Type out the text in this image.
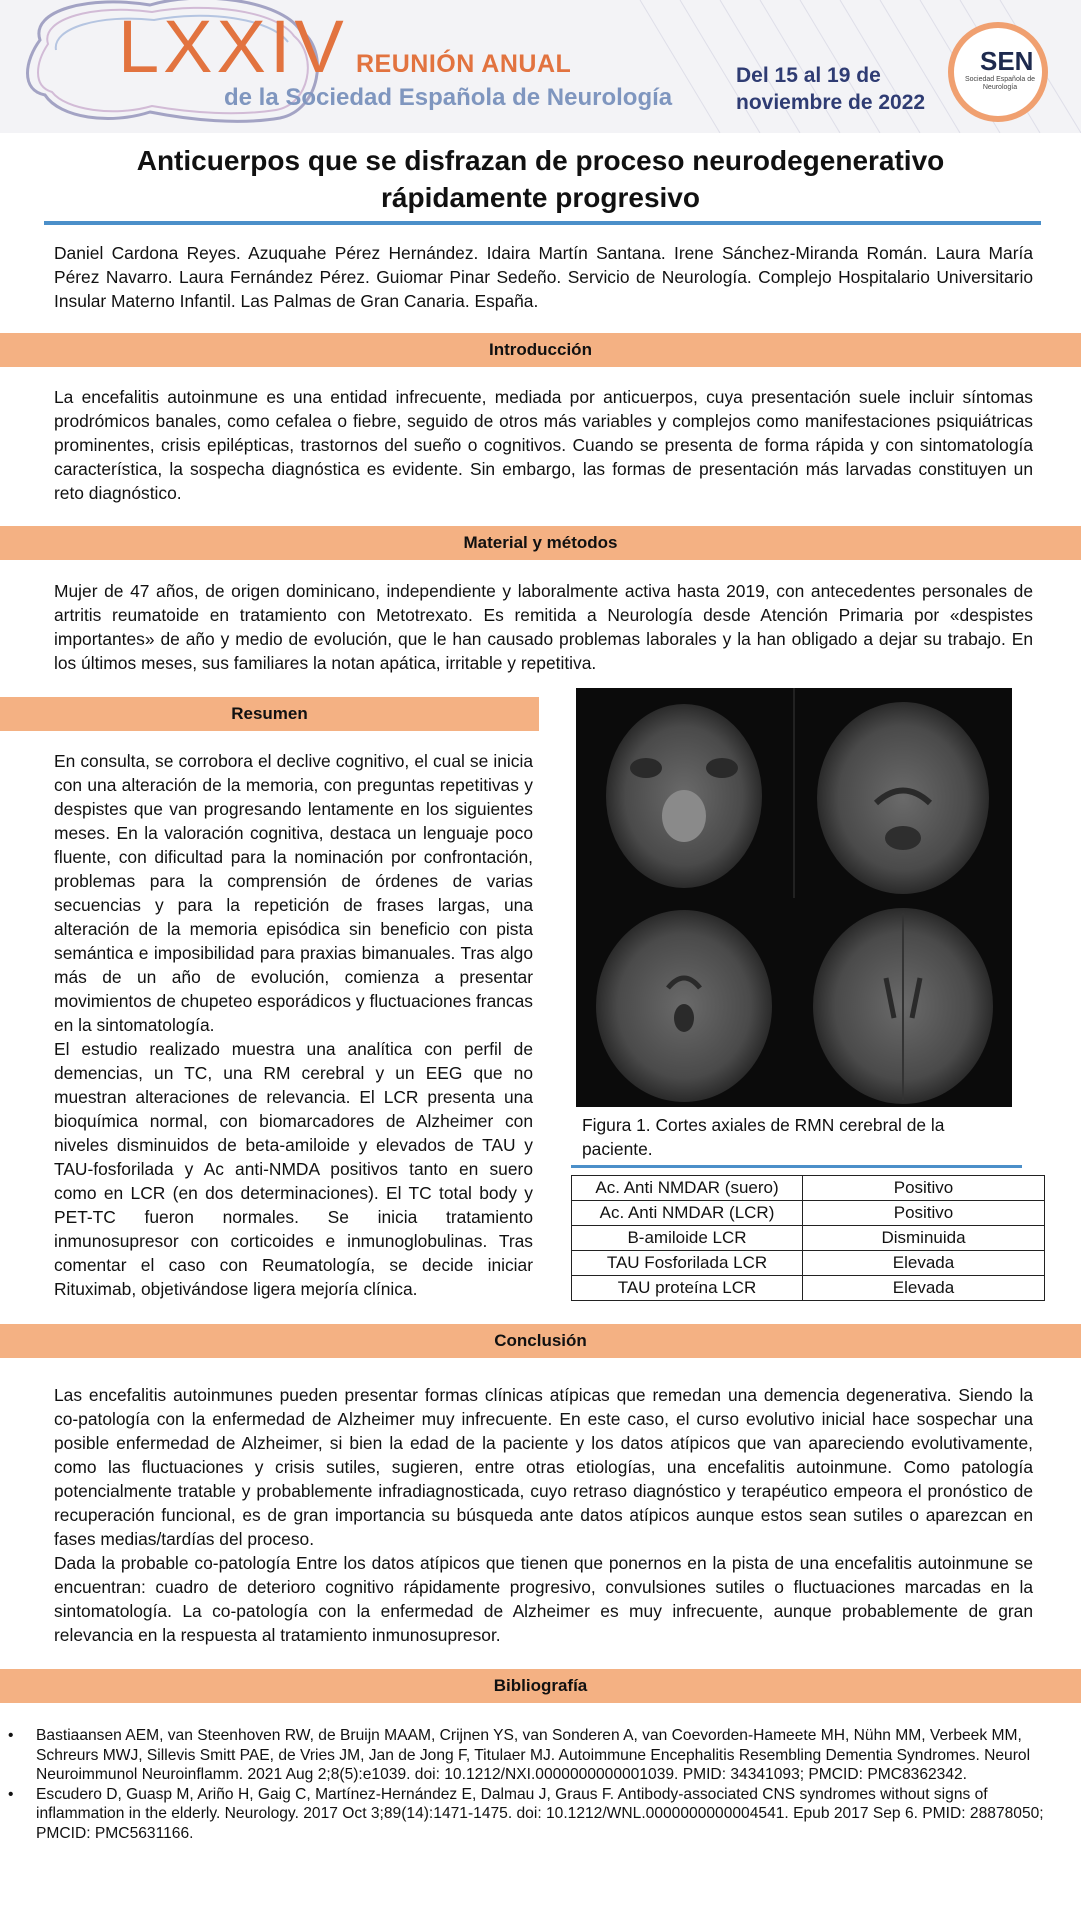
LXXIV REUNIÓN ANUAL
de la Sociedad Española de Neurología
Del 15 al 19 de noviembre de 2022
SEN
Sociedad Española de Neurología
Anticuerpos que se disfrazan de proceso neurodegenerativo rápidamente progresivo
Daniel Cardona Reyes. Azuquahe Pérez Hernández. Idaira Martín Santana. Irene Sánchez-Miranda Román. Laura María Pérez Navarro. Laura Fernández Pérez. Guiomar Pinar Sedeño. Servicio de Neurología. Complejo Hospitalario Universitario Insular Materno Infantil. Las Palmas de Gran Canaria. España.
Introducción
La encefalitis autoinmune es una entidad infrecuente, mediada por anticuerpos, cuya presentación suele incluir síntomas prodrómicos banales, como cefalea o fiebre, seguido de otros más variables y complejos como manifestaciones psiquiátricas prominentes, crisis epilépticas, trastornos del sueño o cognitivos. Cuando se presenta de forma rápida y con sintomatología característica, la sospecha diagnóstica es evidente. Sin embargo, las formas de presentación más larvadas constituyen un reto diagnóstico.
Material y métodos
Mujer de 47 años, de origen dominicano, independiente y laboralmente activa hasta 2019, con antecedentes personales de artritis reumatoide en tratamiento con Metotrexato. Es remitida a Neurología desde Atención Primaria por «despistes importantes» de año y medio de evolución, que le han causado problemas laborales y la han obligado a dejar su trabajo. En los últimos meses, sus familiares la notan apática, irritable y repetitiva.
Resumen
En consulta, se corrobora el declive cognitivo, el cual se inicia con una alteración de la memoria, con preguntas repetitivas y despistes que van progresando lentamente en los siguientes meses. En la valoración cognitiva, destaca un lenguaje poco fluente, con dificultad para la nominación por confrontación, problemas para la comprensión de órdenes de varias secuencias y para la repetición de frases largas, una alteración de la memoria episódica sin beneficio con pista semántica e imposibilidad para praxias bimanuales. Tras algo más de un año de evolución, comienza a presentar movimientos de chupeteo esporádicos y fluctuaciones francas en la sintomatología.
El estudio realizado muestra una analítica con perfil de demencias, un TC, una RM cerebral y un EEG que no muestran alteraciones de relevancia. El LCR presenta una bioquímica normal, con biomarcadores de Alzheimer con niveles disminuidos de beta-amiloide y elevados de TAU y TAU-fosforilada y Ac anti-NMDA positivos tanto en suero como en LCR (en dos determinaciones). El TC total body y PET-TC fueron normales. Se inicia tratamiento inmunosupresor con corticoides e inmunoglobulinas. Tras comentar el caso con Reumatología, se decide iniciar Rituximab, objetivándose ligera mejoría clínica.
Figura 1. Cortes axiales de RMN cerebral de la paciente.
Ac. Anti NMDAR (suero)	Positivo
Ac. Anti NMDAR (LCR)	Positivo
B-amiloide LCR	Disminuida
TAU Fosforilada LCR	Elevada
TAU proteína LCR	Elevada
Conclusión
Las encefalitis autoinmunes pueden presentar formas clínicas atípicas que remedan una demencia degenerativa. Siendo la co-patología con la enfermedad de Alzheimer muy infrecuente. En este caso, el curso evolutivo inicial hace sospechar una posible enfermedad de Alzheimer, si bien la edad de la paciente y los datos atípicos que van apareciendo evolutivamente, como las fluctuaciones y crisis sutiles, sugieren, entre otras etiologías, una encefalitis autoinmune. Como patología potencialmente tratable y probablemente infradiagnosticada, cuyo retraso diagnóstico y terapéutico empeora el pronóstico de recuperación funcional, es de gran importancia su búsqueda ante datos atípicos aunque estos sean sutiles o aparezcan en fases medias/tardías del proceso.
Dada la probable co-patología Entre los datos atípicos que tienen que ponernos en la pista de una encefalitis autoinmune se encuentran: cuadro de deterioro cognitivo rápidamente progresivo, convulsiones sutiles o fluctuaciones marcadas en la sintomatología. La co-patología con la enfermedad de Alzheimer es muy infrecuente, aunque probablemente de gran relevancia en la respuesta al tratamiento inmunosupresor.
Bibliografía
• Bastiaansen AEM, van Steenhoven RW, de Bruijn MAAM, Crijnen YS, van Sonderen A, van Coevorden-Hameete MH, Nühn MM, Verbeek MM, Schreurs MWJ, Sillevis Smitt PAE, de Vries JM, Jan de Jong F, Titulaer MJ. Autoimmune Encephalitis Resembling Dementia Syndromes. Neurol Neuroimmunol Neuroinflamm. 2021 Aug 2;8(5):e1039. doi: 10.1212/NXI.0000000000001039. PMID: 34341093; PMCID: PMC8362342.
• Escudero D, Guasp M, Ariño H, Gaig C, Martínez-Hernández E, Dalmau J, Graus F. Antibody-associated CNS syndromes without signs of inflammation in the elderly. Neurology. 2017 Oct 3;89(14):1471-1475. doi: 10.1212/WNL.0000000000004541. Epub 2017 Sep 6. PMID: 28878050; PMCID: PMC5631166.
